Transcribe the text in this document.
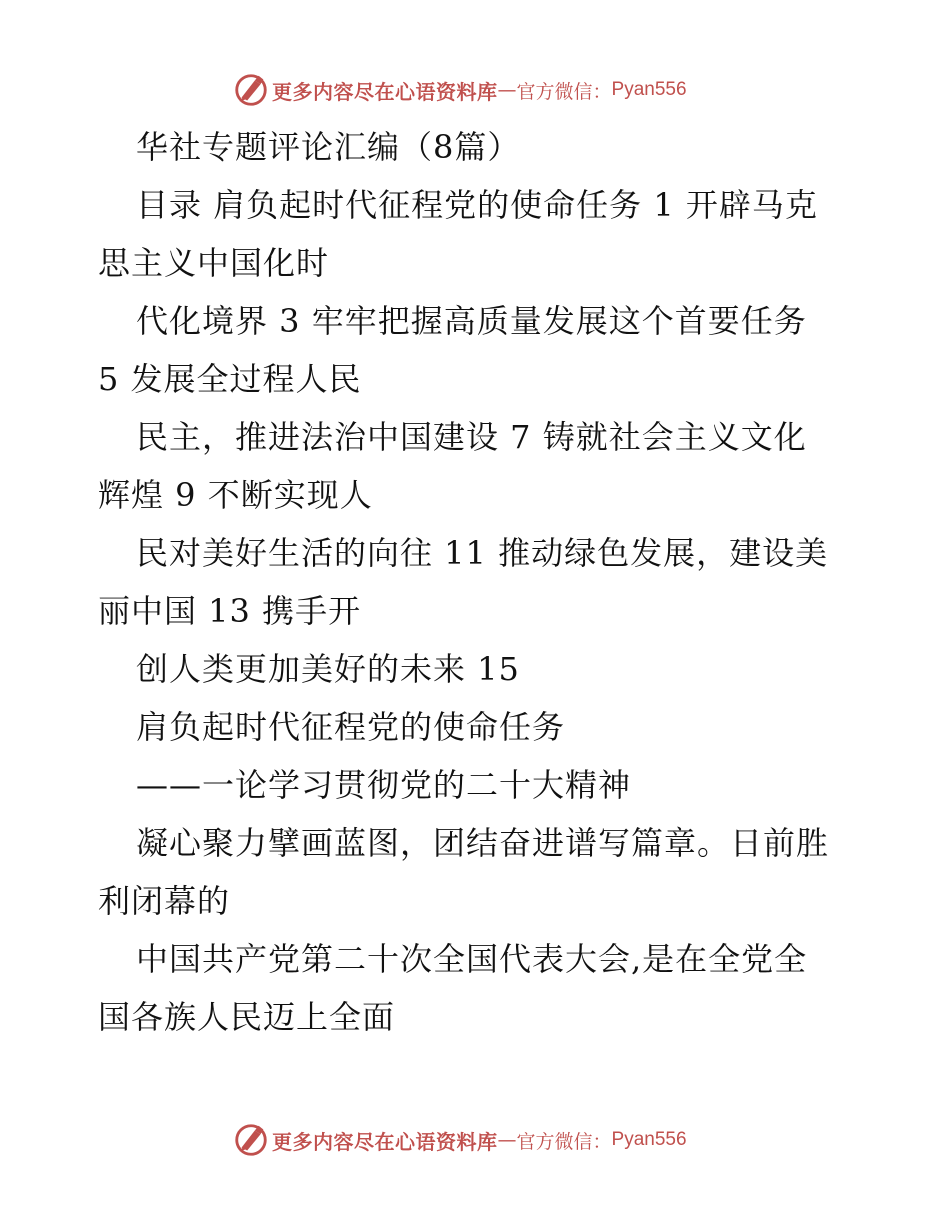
更多内容尽在心语资料库 — 官方微信： Pyan556
华社专题评论汇编（8篇）
目录 肩负起时代征程党的使命任务 1 开辟马克
思主义中国化时
代化境界 3 牢牢把握高质量发展这个首要任务
5 发展全过程人民
民主，推进法治中国建设 7 铸就社会主义文化
辉煌 9 不断实现人
民对美好生活的向往 11 推动绿色发展，建设美
丽中国 13 携手开
创人类更加美好的未来 15
肩负起时代征程党的使命任务
——一论学习贯彻党的二十大精神
凝心聚力擘画蓝图，团结奋进谱写篇章。日前胜
利闭幕的
中国共产党第二十次全国代表大会,是在全党全
国各族人民迈上全面
更多内容尽在心语资料库 — 官方微信： Pyan556
